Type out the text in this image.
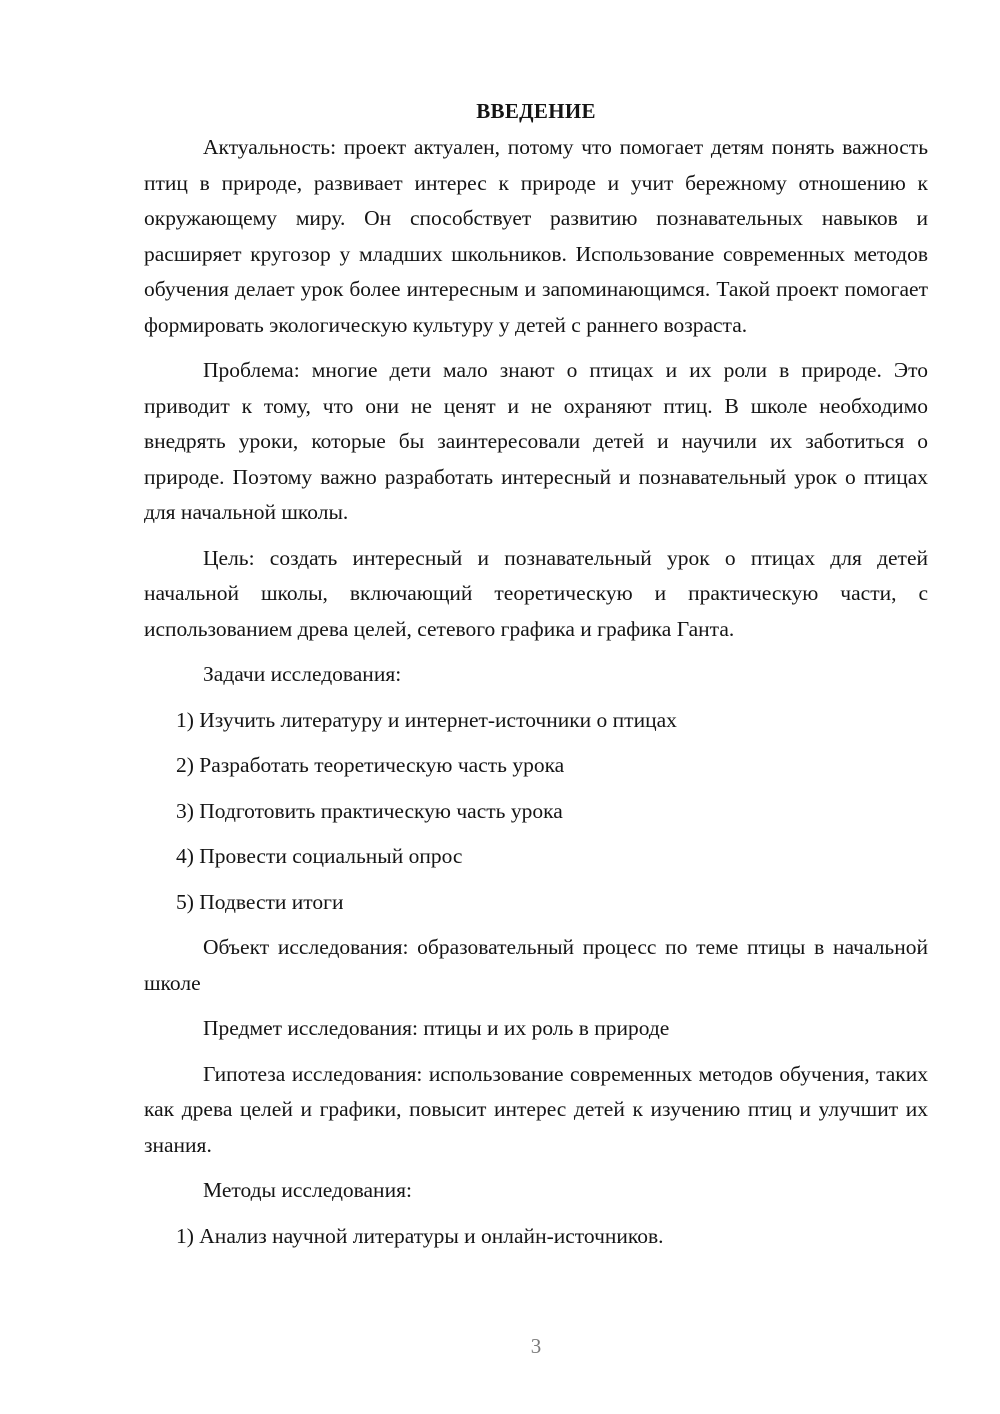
ВВЕДЕНИЕ

Актуальность: проект актуален, потому что помогает детям понять важность птиц в природе, развивает интерес к природе и учит бережному отношению к окружающему миру. Он способствует развитию познавательных навыков и расширяет кругозор у младших школьников. Использование современных методов обучения делает урок более интересным и запоминающимся. Такой проект помогает формировать экологическую культуру у детей с раннего возраста.

Проблема: многие дети мало знают о птицах и их роли в природе. Это приводит к тому, что они не ценят и не охраняют птиц. В школе необходимо внедрять уроки, которые бы заинтересовали детей и научили их заботиться о природе. Поэтому важно разработать интересный и познавательный урок о птицах для начальной школы.

Цель: создать интересный и познавательный урок о птицах для детей начальной школы, включающий теоретическую и практическую части, с использованием древа целей, сетевого графика и графика Ганта.

Задачи исследования:

1) Изучить литературу и интернет-источники о птицах

2) Разработать теоретическую часть урока

3) Подготовить практическую часть урока

4) Провести социальный опрос

5) Подвести итоги

Объект исследования: образовательный процесс по теме птицы в начальной школе

Предмет исследования: птицы и их роль в природе

Гипотеза исследования: использование современных методов обучения, таких как древа целей и графики, повысит интерес детей к изучению птиц и улучшит их знания.

Методы исследования:

1) Анализ научной литературы и онлайн-источников.

3
